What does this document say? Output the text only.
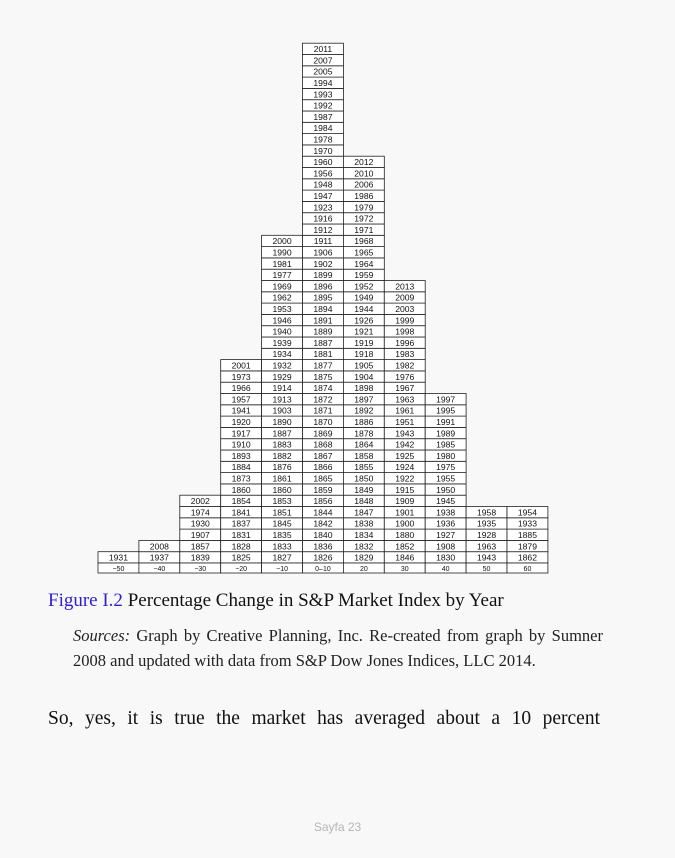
1931
−50
1937
2008
−40
1839
1857
1907
1930
1974
2002
−30
1825
1828
1831
1837
1841
1854
1860
1873
1884
1893
1910
1917
1920
1941
1957
1966
1973
2001
−20
1827
1833
1835
1845
1851
1853
1860
1861
1876
1882
1883
1887
1890
1903
1913
1914
1929
1932
1934
1939
1940
1946
1953
1962
1969
1977
1981
1990
2000
−10
1826
1836
1840
1842
1844
1856
1859
1865
1866
1867
1868
1869
1870
1871
1872
1874
1875
1877
1881
1887
1889
1891
1894
1895
1896
1899
1902
1906
1911
1912
1916
1923
1947
1948
1956
1960
1970
1978
1984
1987
1992
1993
1994
2005
2007
2011
0–10
1829
1832
1834
1838
1847
1848
1849
1850
1855
1858
1864
1878
1886
1892
1897
1898
1904
1905
1918
1919
1921
1926
1944
1949
1952
1959
1964
1965
1968
1971
1972
1979
1986
2006
2010
2012
20
1846
1852
1880
1900
1901
1909
1915
1922
1924
1925
1942
1943
1951
1961
1963
1967
1976
1982
1983
1996
1998
1999
2003
2009
2013
30
1830
1908
1927
1936
1938
1945
1950
1955
1975
1980
1985
1989
1991
1995
1997
40
1943
1963
1928
1935
1958
50
1862
1879
1885
1933
1954
60
Figure I.2 Percentage Change in S&P Market Index by Year
Sources: Graph by Creative Planning, Inc. Re-created from graph by Sumner 2008 and updated with data from S&P Dow Jones Indices, LLC 2014.
So, yes, it is true the market has averaged about a 10 percent
Sayfa 23
